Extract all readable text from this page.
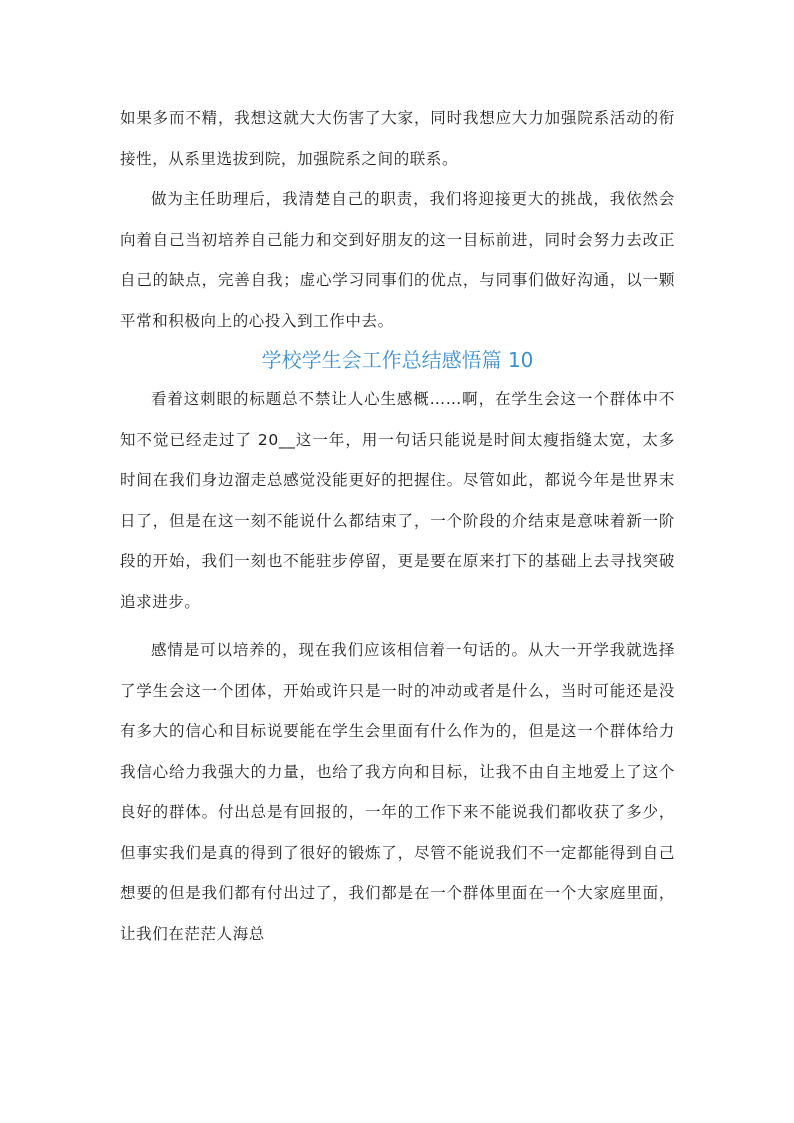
如果多而不精，我想这就大大伤害了大家，同时我想应大力加强院系活动的衔接性，从系里选拔到院，加强院系之间的联系。

做为主任助理后，我清楚自己的职责，我们将迎接更大的挑战，我依然会向着自己当初培养自己能力和交到好朋友的这一目标前进，同时会努力去改正自己的缺点，完善自我；虚心学习同事们的优点，与同事们做好沟通，以一颗平常和积极向上的心投入到工作中去。

学校学生会工作总结感悟篇 10

看着这刺眼的标题总不禁让人心生感概……啊，在学生会这一个群体中不知不觉已经走过了 20__这一年，用一句话只能说是时间太瘦指缝太宽，太多时间在我们身边溜走总感觉没能更好的把握住。尽管如此，都说今年是世界末日了，但是在这一刻不能说什么都结束了，一个阶段的介结束是意味着新一阶段的开始，我们一刻也不能驻步停留，更是要在原来打下的基础上去寻找突破追求进步。

感情是可以培养的，现在我们应该相信着一句话的。从大一开学我就选择了学生会这一个团体，开始或许只是一时的冲动或者是什么，当时可能还是没有多大的信心和目标说要能在学生会里面有什么作为的，但是这一个群体给力我信心给力我强大的力量，也给了我方向和目标，让我不由自主地爱上了这个良好的群体。付出总是有回报的，一年的工作下来不能说我们都收获了多少，但事实我们是真的得到了很好的锻炼了，尽管不能说我们不一定都能得到自己想要的但是我们都有付出过了，我们都是在一个群体里面在一个大家庭里面，让我们在茫茫人海总
